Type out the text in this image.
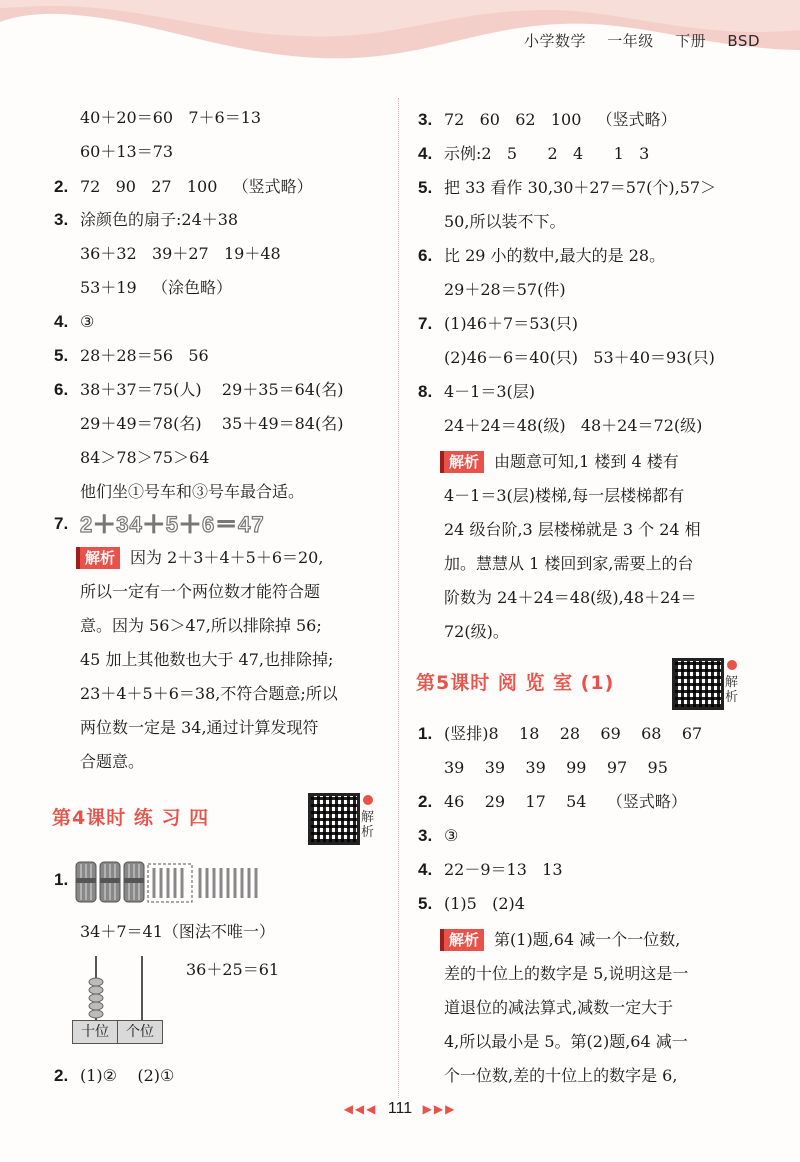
小学数学 一年级 下册 BSD
40＋20＝60   7＋6＝13
60＋13＝73
2. 72   90   27   100   （竖式略）
3. 涂颜色的扇子:24＋38
36＋32   39＋27   19＋48
53＋19   （涂色略）
4. ③
5. 28＋28＝56   56
6. 38＋37＝75(人)    29＋35＝64(名)
29＋49＝78(名)    35＋49＝84(名)
84＞78＞75＞64
他们坐①号车和③号车最合适。
7. 2＋34＋5＋6＝47
解析 因为 2＋3＋4＋5＋6＝20,
所以一定有一个两位数才能符合题
意。因为 56＞47,所以排除掉 56;
45 加上其他数也大于 47,也排除掉;
23＋4＋5＋6＝38,不符合题意;所以
两位数一定是 34,通过计算发现符
合题意。
第4课时 练 习 四	解析
1.
34＋7＝41（图法不唯一）
36＋25＝61
十位	个位
2. (1)②    (2)①
3. 72   60   62   100   （竖式略）
4. 示例:2   5      2   4      1   3
5. 把 33 看作 30,30＋27＝57(个),57＞
50,所以装不下。
6. 比 29 小的数中,最大的是 28。
29＋28＝57(件)
7. (1)46＋7＝53(只)
(2)46－6＝40(只)   53＋40＝93(只)
8. 4－1＝3(层)
24＋24＝48(级)   48＋24＝72(级)
解析 由题意可知,1 楼到 4 楼有
4－1＝3(层)楼梯,每一层楼梯都有
24 级台阶,3 层楼梯就是 3 个 24 相
加。慧慧从 1 楼回到家,需要上的台
阶数为 24＋24＝48(级),48＋24＝
72(级)。
第5课时 阅 览 室 (1)	解析
1. (竖排)8    18    28    69    68    67
39    39    39    99    97    95
2. 46    29    17    54    （竖式略）
3. ③
4. 22－9＝13   13
5. (1)5   (2)4
解析 第(1)题,64 减一个一位数,
差的十位上的数字是 5,说明这是一
道退位的减法算式,减数一定大于
4,所以最小是 5。第(2)题,64 减一
个一位数,差的十位上的数字是 6,
◀◀◀ 111 ▶▶▶
